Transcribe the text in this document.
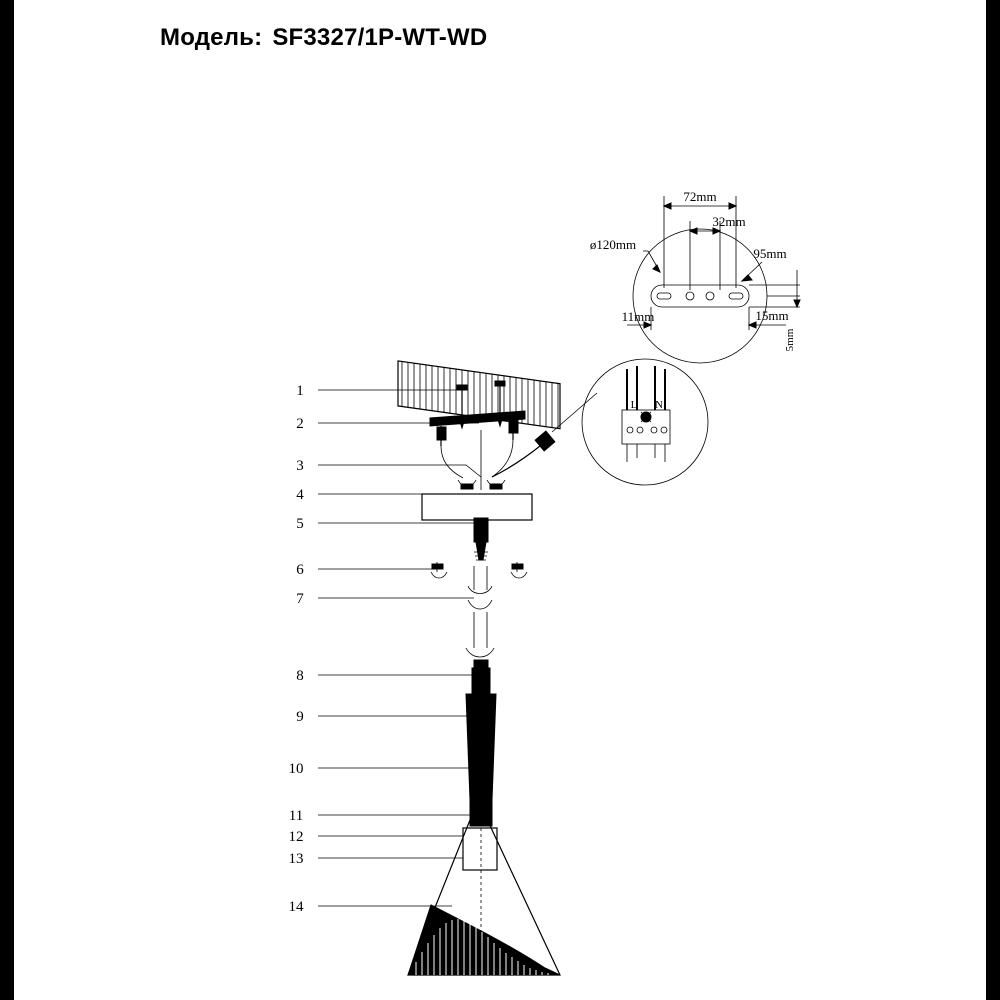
Модель: SF3327/1P-WT-WD
72mm
32mm
ø120mm
95mm
11mm	15mm
5mm
L N
1
2
3
4
5
6
7
8
9
10
11
12
13
14
